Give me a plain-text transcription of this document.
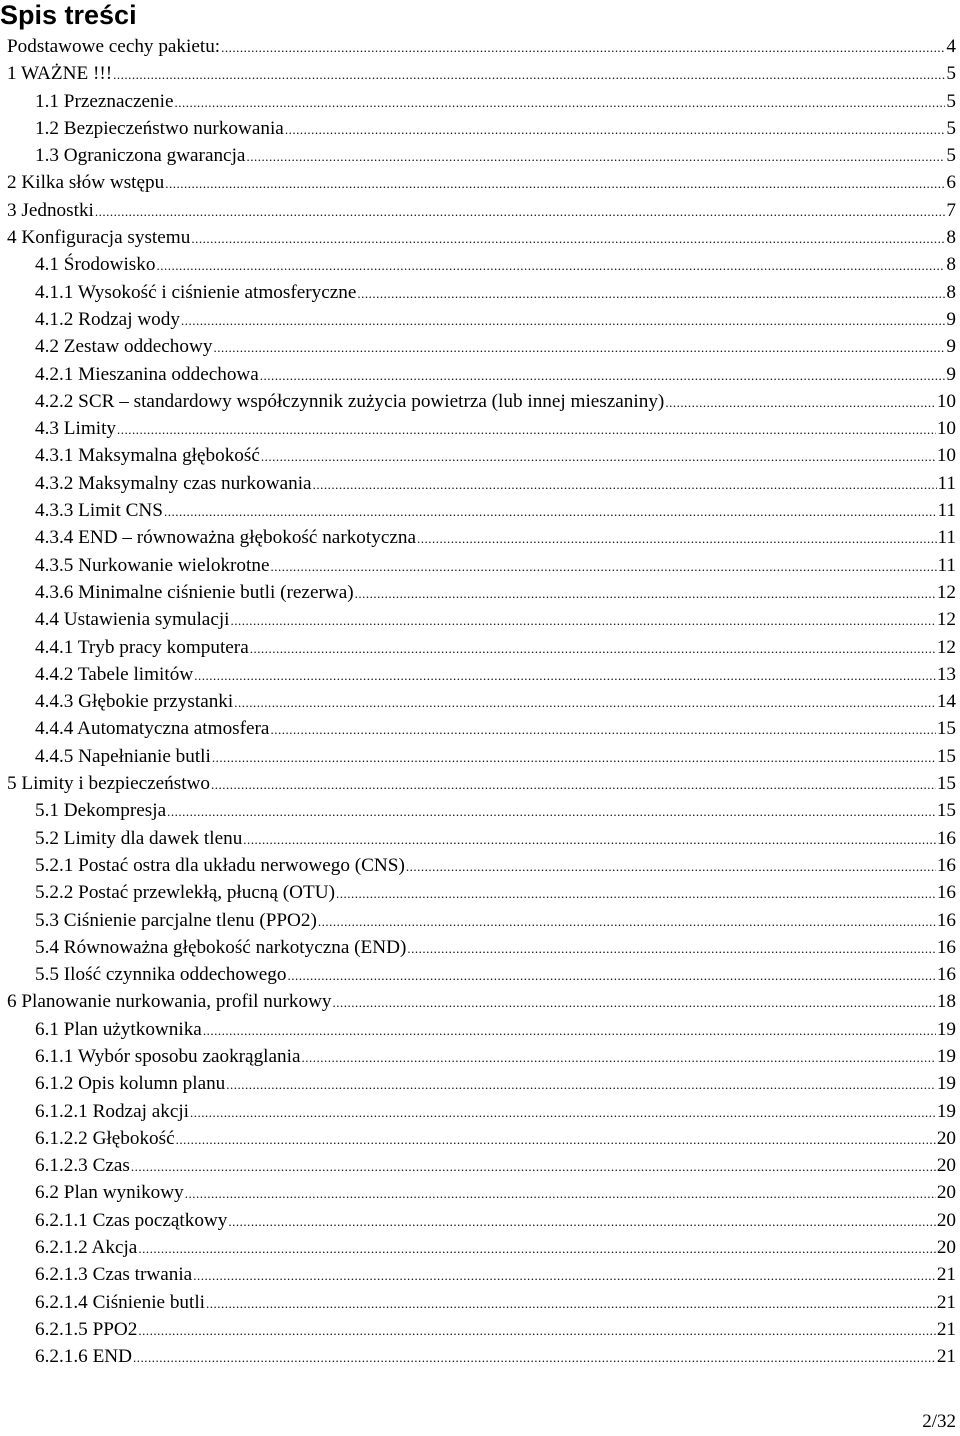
Spis treści
Podstawowe cechy pakietu: .....	4
1 WAŻNE !!! .....	5
1.1 Przeznaczenie .....	5
1.2 Bezpieczeństwo nurkowania .....	5
1.3 Ograniczona gwarancja .....	5
2 Kilka słów wstępu .....	6
3 Jednostki .....	7
4 Konfiguracja systemu .....	8
4.1 Środowisko .....	8
4.1.1 Wysokość i ciśnienie atmosferyczne .....	8
4.1.2 Rodzaj wody .....	9
4.2 Zestaw oddechowy .....	9
4.2.1 Mieszanina oddechowa .....	9
4.2.2 SCR – standardowy współczynnik zużycia powietrza (lub innej mieszaniny) .....	10
4.3 Limity .....	10
4.3.1 Maksymalna głębokość .....	10
4.3.2 Maksymalny czas nurkowania .....	11
4.3.3 Limit CNS .....	11
4.3.4 END – równoważna głębokość narkotyczna .....	11
4.3.5 Nurkowanie wielokrotne .....	11
4.3.6 Minimalne ciśnienie butli (rezerwa) .....	12
4.4 Ustawienia symulacji .....	12
4.4.1 Tryb pracy komputera .....	12
4.4.2 Tabele limitów .....	13
4.4.3 Głębokie przystanki .....	14
4.4.4 Automatyczna atmosfera .....	15
4.4.5 Napełnianie butli .....	15
5 Limity i bezpieczeństwo .....	15
5.1 Dekompresja .....	15
5.2 Limity dla dawek tlenu .....	16
5.2.1 Postać ostra dla układu nerwowego (CNS) .....	16
5.2.2 Postać przewlekłą, płucną (OTU) .....	16
5.3 Ciśnienie parcjalne tlenu (PPO2) .....	16
5.4 Równoważna głębokość narkotyczna (END) .....	16
5.5 Ilość czynnika oddechowego .....	16
6 Planowanie nurkowania, profil nurkowy .....	18
6.1 Plan użytkownika .....	19
6.1.1 Wybór sposobu zaokrąglania .....	19
6.1.2 Opis kolumn planu .....	19
6.1.2.1 Rodzaj akcji .....	19
6.1.2.2 Głębokość .....	20
6.1.2.3 Czas .....	20
6.2 Plan wynikowy .....	20
6.2.1.1 Czas początkowy .....	20
6.2.1.2 Akcja .....	20
6.2.1.3 Czas trwania .....	21
6.2.1.4 Ciśnienie butli .....	21
6.2.1.5 PPO2 .....	21
6.2.1.6 END .....	21
2/32
